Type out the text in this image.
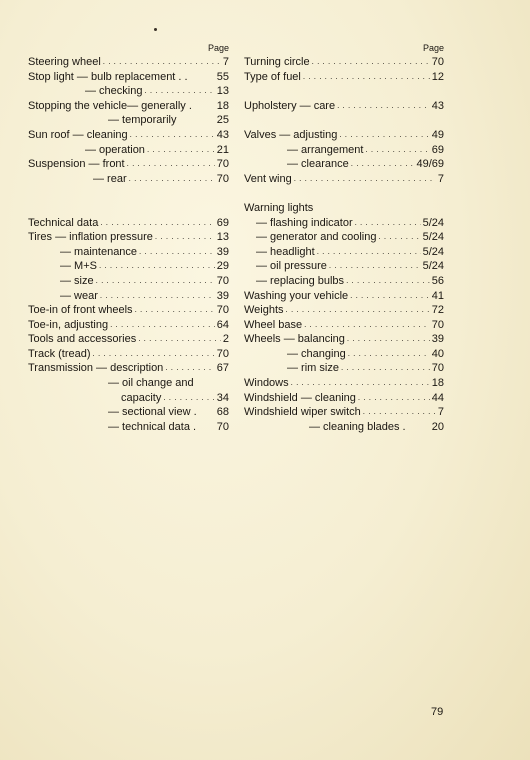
Page
Steering wheel . . .	7
Stop light — bulb replacement . .	55
— checking . . .	13
Stopping the vehicle— generally . 18
— temporarily	25
Sun roof — cleaning . . .	43
— operation . . .	21
Suspension — front . . .	70
— rear . . .	70
Technical data . . .	69
Tires — inflation pressure . . .	13
— maintenance . . .	39
— M+S . . .	29
— size . . .	70
— wear . . .	39
Toe-in of front wheels . . .	70
Toe-in, adjusting . . .	64
Tools and accessories . . .	2
Track (tread) . . .	70
Transmission — description . . .	67
— oil change and
capacity . . .	34
— sectional view . 68
— technical data . 70
Page
Turning circle . . .	70
Type of fuel . . .	12
Upholstery — care . . .	43
Valves — adjusting . . .	49
— arrangement . . .	69
— clearance . . .	49/69
Vent wing . . .	7
Warning lights
— flashing indicator . . .	5/24
— generator and cooling . . .	5/24
— headlight . . .	5/24
— oil pressure . . .	5/24
— replacing bulbs . . .	56
Washing your vehicle . . .	41
Weights . . .	72
Wheel base . . .	70
Wheels — balancing . . .	39
— changing . . .	40
— rim size . . .	70
Windows . . .	18
Windshield — cleaning . . .	44
Windshield wiper switch . . .	7
— cleaning blades . 20
79
